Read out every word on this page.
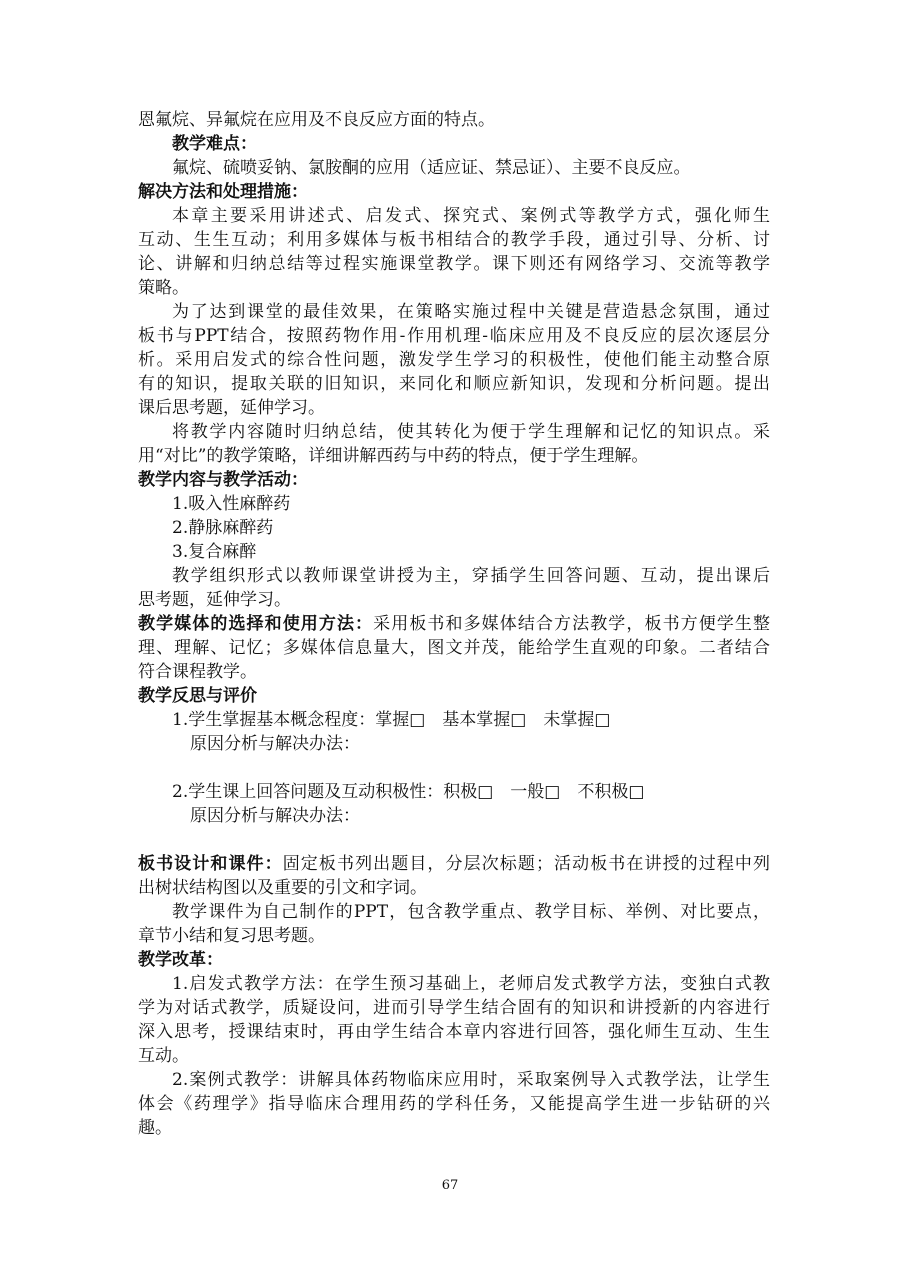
恩氟烷、异氟烷在应用及不良反应方面的特点。
教学难点：
氟烷、硫喷妥钠、氯胺酮的应用（适应证、禁忌证）、主要不良反应。
解决方法和处理措施：
本章主要采用讲述式、启发式、探究式、案例式等教学方式，强化师生
互动、生生互动；利用多媒体与板书相结合的教学手段，通过引导、分析、讨
论、讲解和归纳总结等过程实施课堂教学。课下则还有网络学习、交流等教学
策略。
为了达到课堂的最佳效果，在策略实施过程中关键是营造悬念氛围，通过
板书与PPT结合，按照药物作用-作用机理-临床应用及不良反应的层次逐层分
析。采用启发式的综合性问题，激发学生学习的积极性，使他们能主动整合原
有的知识，提取关联的旧知识，来同化和顺应新知识，发现和分析问题。提出
课后思考题，延伸学习。
将教学内容随时归纳总结，使其转化为便于学生理解和记忆的知识点。采
用“对比”的教学策略，详细讲解西药与中药的特点，便于学生理解。
教学内容与教学活动：
1.吸入性麻醉药
2.静脉麻醉药
3.复合麻醉
教学组织形式以教师课堂讲授为主，穿插学生回答问题、互动，提出课后
思考题，延伸学习。
教学媒体的选择和使用方法：采用板书和多媒体结合方法教学，板书方便学生整
理、理解、记忆；多媒体信息量大，图文并茂，能给学生直观的印象。二者结合
符合课程教学。
教学反思与评价
1.学生掌握基本概念程度：掌握□　基本掌握□　未掌握□
原因分析与解决办法：
2.学生课上回答问题及互动积极性：积极□　一般□　不积极□
原因分析与解决办法：
板书设计和课件：固定板书列出题目，分层次标题；活动板书在讲授的过程中列
出树状结构图以及重要的引文和字词。
教学课件为自己制作的PPT，包含教学重点、教学目标、举例、对比要点，
章节小结和复习思考题。
教学改革：
1.启发式教学方法：在学生预习基础上，老师启发式教学方法，变独白式教
学为对话式教学，质疑设问，进而引导学生结合固有的知识和讲授新的内容进行
深入思考，授课结束时，再由学生结合本章内容进行回答，强化师生互动、生生
互动。
2.案例式教学：讲解具体药物临床应用时，采取案例导入式教学法，让学生
体会《药理学》指导临床合理用药的学科任务，又能提高学生进一步钻研的兴
趣。
67
